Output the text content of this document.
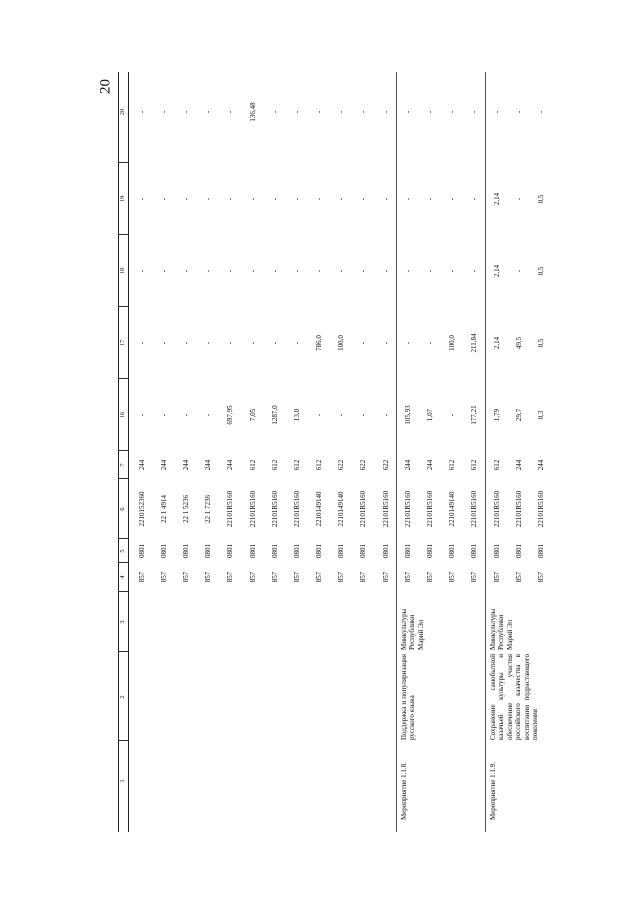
20
1
2
3
4
5
6
7
16
17
18
19
20
857
0801
2210152360
244
-
-
-
-
-
857
0801
22 1 4914
244
-
-
-
-
-
857
0801
22 1 5236
244
-
-
-
-
-
857
0801
22 1 7236
244
-
-
-
-
-
857
0801
22101R5160
244
697,95
-
-
-
-
857
0801
22101R5160
612
7,05
-
-
-
136,48
857
0801
22101R5160
612
1287,0
-
-
-
-
857
0801
22101R5160
612
13,0
-
-
-
-
857
0801
2210149140
612
-
786,0
-
-
-
857
0801
2210149140
622
-
100,0
-
-
-
857
0801
22101R5160
622
-
-
-
-
-
857
0801
22101R5160
622
-
-
-
-
-
Мероприятие 1.1.8.
Поддержка и популяризация русского языка
Минкультуры Республики Марий Эл
857
0801
22101R5160
244
105,93
-
-
-
-
857
0801
22101R5160
244
1,07
-
-
-
-
857
0801
2210149140
612
-
100,0
-
-
-
857
0801
22101R5160
612
177,21
211,84
-
-
-
Мероприятие 1.1.9.
Сохранение самобытной казачьей культуры и обеспечение участия российского казачества в воспитании подрастающего поколения
Минкультуры Республики Марий Эл
857
0801
22101R5160
612
1,79
2,14
2,14
2,14
-
857
0801
22101R5160
244
29,7
49,5
-
-
-
857
0801
22101R5160
244
0,3
0,5
0,5
0,5
-
